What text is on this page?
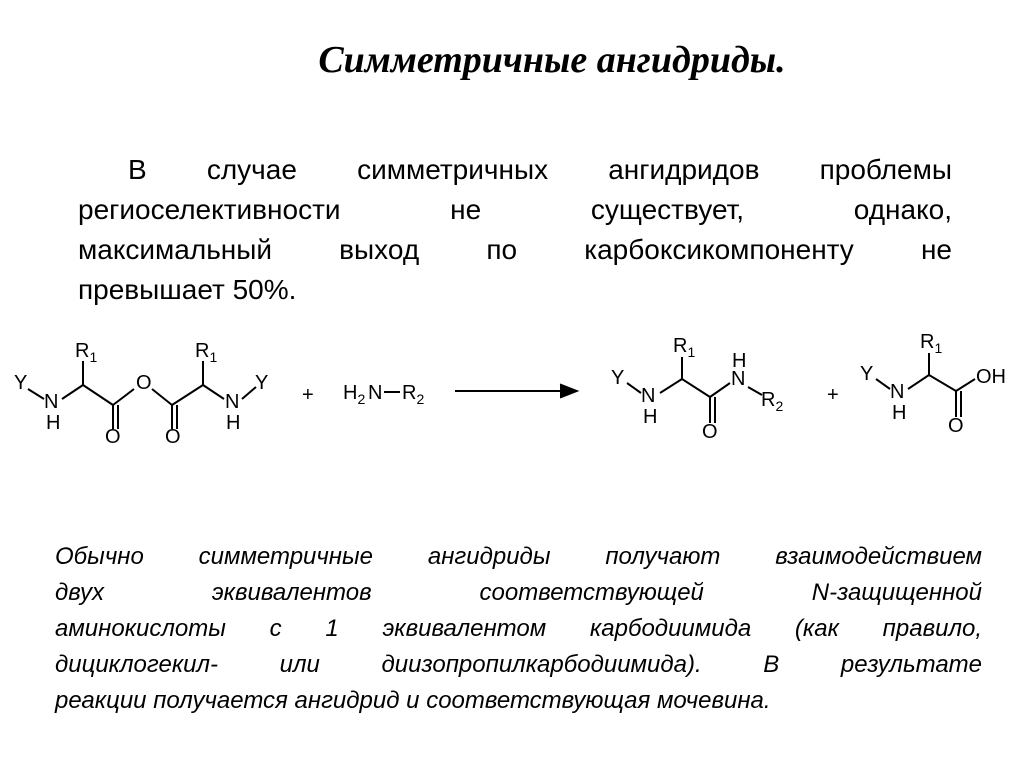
Симметричные ангидриды.
В случае симметричных ангидридов проблемы
региоселективности не существует, однако,
максимальный выход по карбоксикомпоненту не
превышает 50%.
Y
N
H
$R_1$
O
O
O
$R_1$
N
H
Y
+ $H_2$ N $R_2$
Y
N
H
$R_1$
O
H
N
$R_2$ +
Y
N
H
$R_1$
OH
O
Обычно симметричные ангидриды получают взаимодействием
двух эквивалентов соответствующей N-защищенной
аминокислоты с 1 эквивалентом карбодиимида (как правило,
дициклогекил- или диизопропилкарбодиимида). В результате
реакции получается ангидрид и соответствующая мочевина.
